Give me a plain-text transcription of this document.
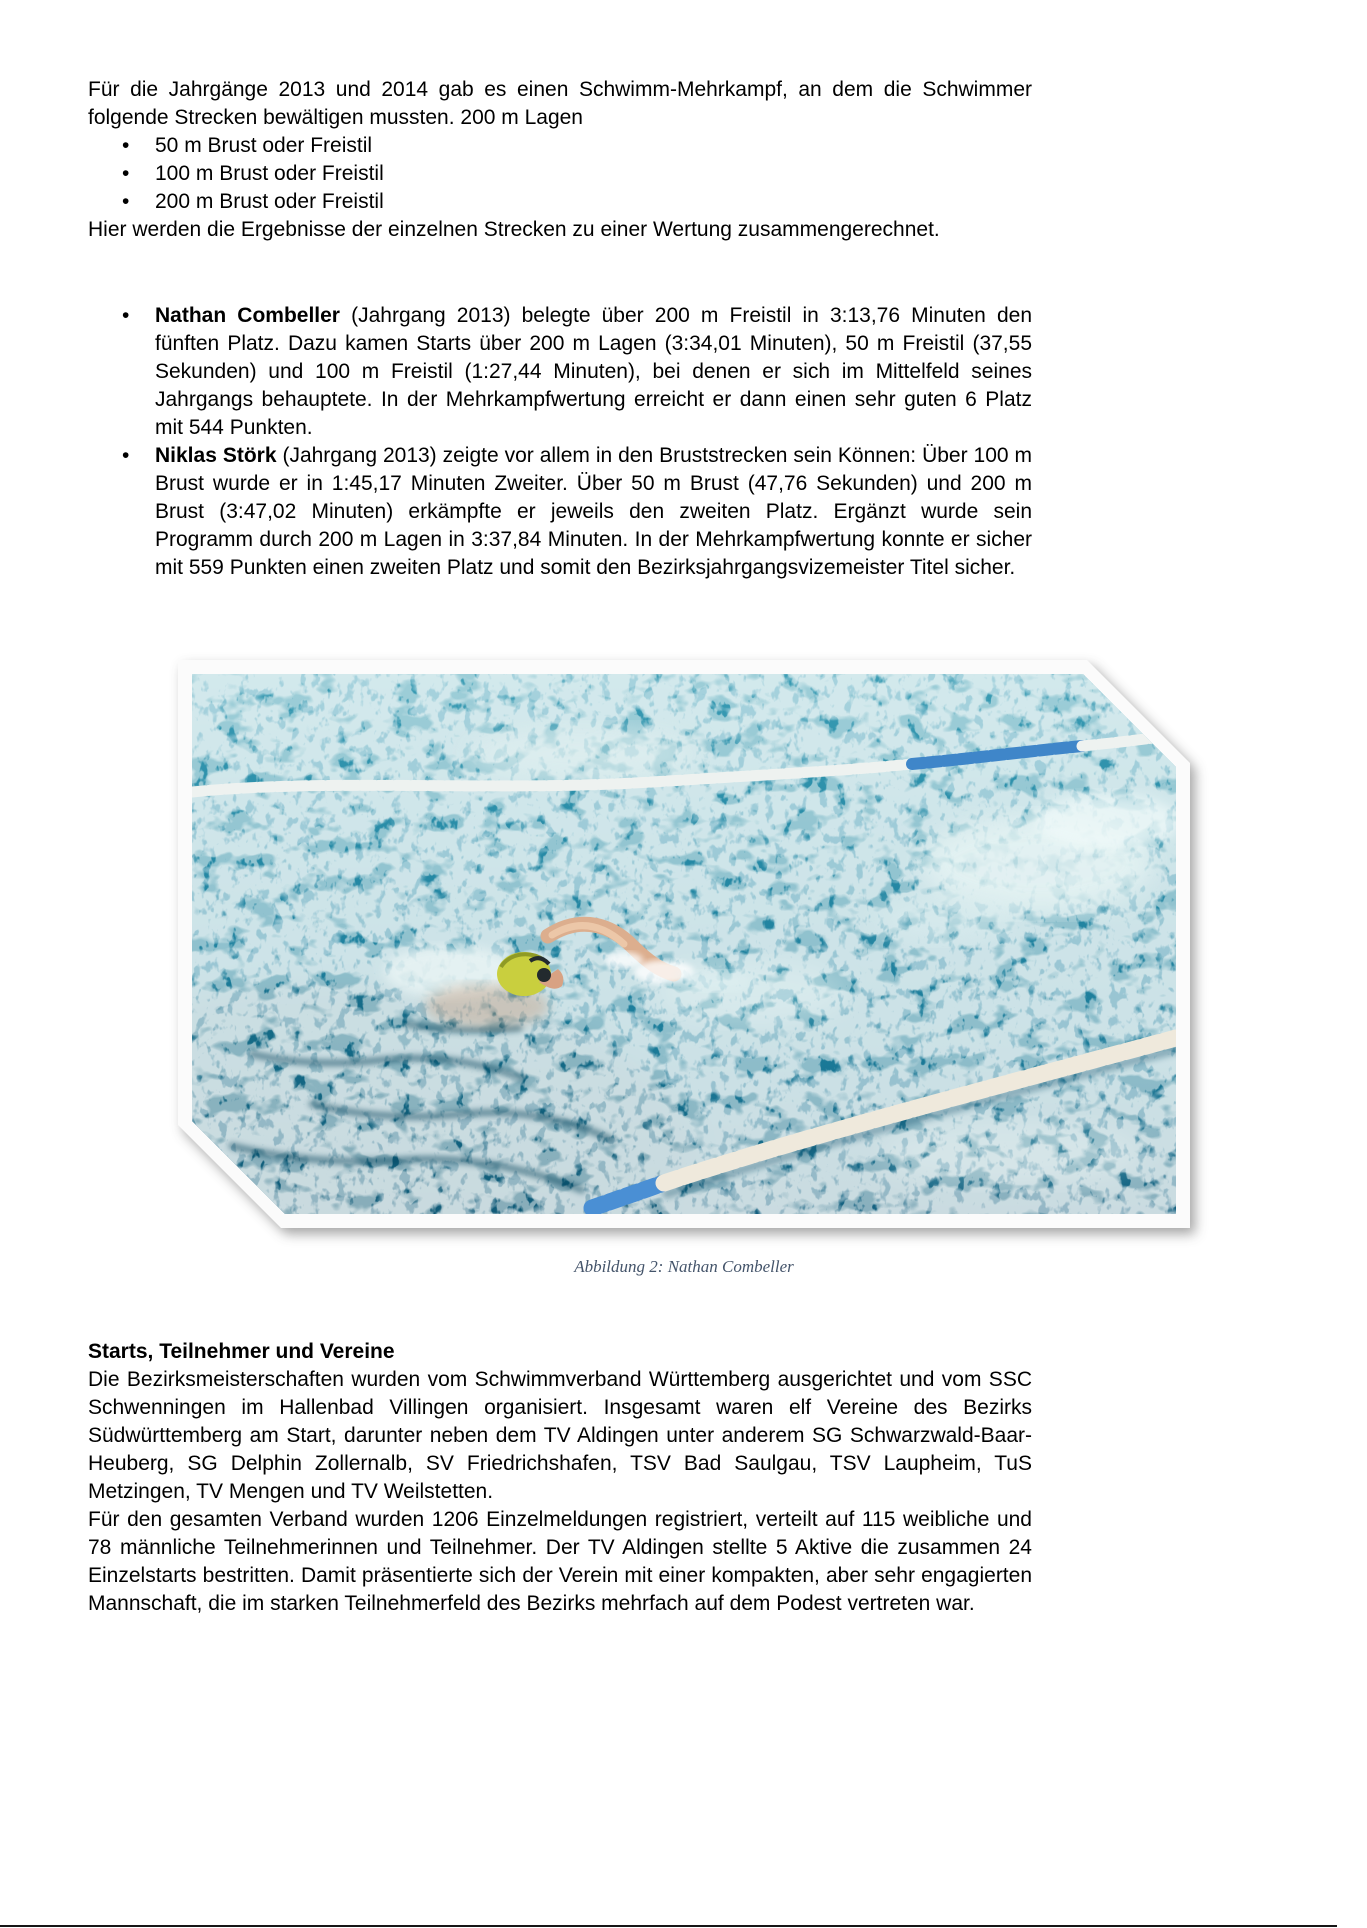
Für die Jahrgänge 2013 und 2014 gab es einen Schwimm-Mehrkampf, an dem die Schwimmer folgende Strecken bewältigen mussten. 200 m Lagen

• 50 m Brust oder Freistil
• 100 m Brust oder Freistil
• 200 m Brust oder Freistil

Hier werden die Ergebnisse der einzelnen Strecken zu einer Wertung zusammengerechnet.

• Nathan Combeller (Jahrgang 2013) belegte über 200 m Freistil in 3:13,76 Minuten den fünften Platz. Dazu kamen Starts über 200 m Lagen (3:34,01 Minuten), 50 m Freistil (37,55 Sekunden) und 100 m Freistil (1:27,44 Minuten), bei denen er sich im Mittelfeld seines Jahrgangs behauptete. In der Mehrkampfwertung erreicht er dann einen sehr guten 6 Platz mit 544 Punkten.
• Niklas Störk (Jahrgang 2013) zeigte vor allem in den Bruststrecken sein Können: Über 100 m Brust wurde er in 1:45,17 Minuten Zweiter. Über 50 m Brust (47,76 Sekunden) und 200 m Brust (3:47,02 Minuten) erkämpfte er jeweils den zweiten Platz. Ergänzt wurde sein Programm durch 200 m Lagen in 3:37,84 Minuten. In der Mehrkampfwertung konnte er sicher mit 559 Punkten einen zweiten Platz und somit den Bezirksjahrgangsvizemeister Titel sicher.
Abbildung 2: Nathan Combeller
Starts, Teilnehmer und Vereine

Die Bezirksmeisterschaften wurden vom Schwimmverband Württemberg ausgerichtet und vom SSC Schwenningen im Hallenbad Villingen organisiert. Insgesamt waren elf Vereine des Bezirks Südwürttemberg am Start, darunter neben dem TV Aldingen unter anderem SG Schwarzwald-Baar-Heuberg, SG Delphin Zollernalb, SV Friedrichshafen, TSV Bad Saulgau, TSV Laupheim, TuS Metzingen, TV Mengen und TV Weilstetten.

Für den gesamten Verband wurden 1206 Einzelmeldungen registriert, verteilt auf 115 weibliche und 78 männliche Teilnehmerinnen und Teilnehmer. Der TV Aldingen stellte 5 Aktive die zusammen 24 Einzelstarts bestritten. Damit präsentierte sich der Verein mit einer kompakten, aber sehr engagierten Mannschaft, die im starken Teilnehmerfeld des Bezirks mehrfach auf dem Podest vertreten war.
